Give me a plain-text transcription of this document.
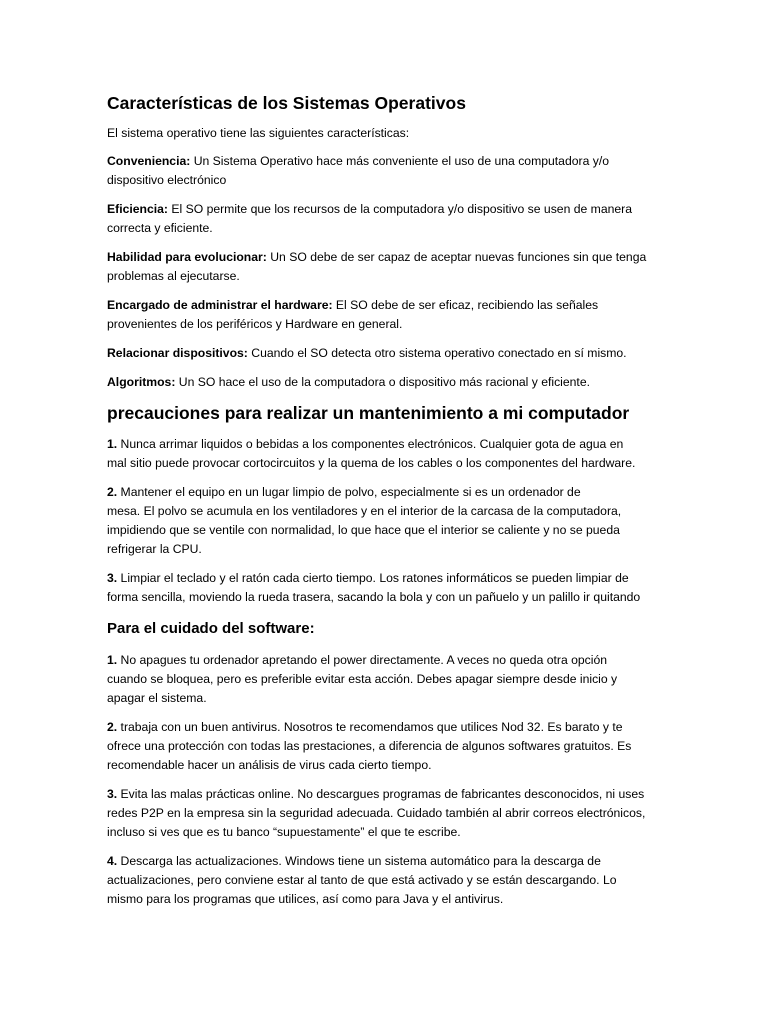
Características de los Sistemas Operativos
El sistema operativo tiene las siguientes características:
Conveniencia: Un Sistema Operativo hace más conveniente el uso de una computadora y/o
dispositivo electrónico
Eficiencia: El SO permite que los recursos de la computadora y/o dispositivo se usen de manera
correcta y eficiente.
Habilidad para evolucionar: Un SO debe de ser capaz de aceptar nuevas funciones sin que tenga
problemas al ejecutarse.
Encargado de administrar el hardware: El SO debe de ser eficaz, recibiendo las señales
provenientes de los periféricos y Hardware en general.
Relacionar dispositivos: Cuando el SO detecta otro sistema operativo conectado en sí mismo.
Algoritmos: Un SO hace el uso de la computadora o dispositivo más racional y eficiente.
precauciones para realizar un mantenimiento a mi computador
1. Nunca arrimar liquidos o bebidas a los componentes electrónicos. Cualquier gota de agua en
mal sitio puede provocar cortocircuitos y la quema de los cables o los componentes del hardware.
2. Mantener el equipo en un lugar limpio de polvo, especialmente si es un ordenador de
mesa. El polvo se acumula en los ventiladores y en el interior de la carcasa de la computadora,
impidiendo que se ventile con normalidad, lo que hace que el interior se caliente y no se pueda
refrigerar la CPU.
3. Limpiar el teclado y el ratón cada cierto tiempo. Los ratones informáticos se pueden limpiar de
forma sencilla, moviendo la rueda trasera, sacando la bola y con un pañuelo y un palillo ir quitando
Para el cuidado del software:
1. No apagues tu ordenador apretando el power directamente. A veces no queda otra opción
cuando se bloquea, pero es preferible evitar esta acción. Debes apagar siempre desde inicio y
apagar el sistema.
2. trabaja con un buen antivirus. Nosotros te recomendamos que utilices Nod 32. Es barato y te
ofrece una protección con todas las prestaciones, a diferencia de algunos softwares gratuitos. Es
recomendable hacer un análisis de virus cada cierto tiempo.
3. Evita las malas prácticas online. No descargues programas de fabricantes desconocidos, ni uses
redes P2P en la empresa sin la seguridad adecuada. Cuidado también al abrir correos electrónicos,
incluso si ves que es tu banco “supuestamente” el que te escribe.
4. Descarga las actualizaciones. Windows tiene un sistema automático para la descarga de
actualizaciones, pero conviene estar al tanto de que está activado y se están descargando. Lo
mismo para los programas que utilices, así como para Java y el antivirus.
